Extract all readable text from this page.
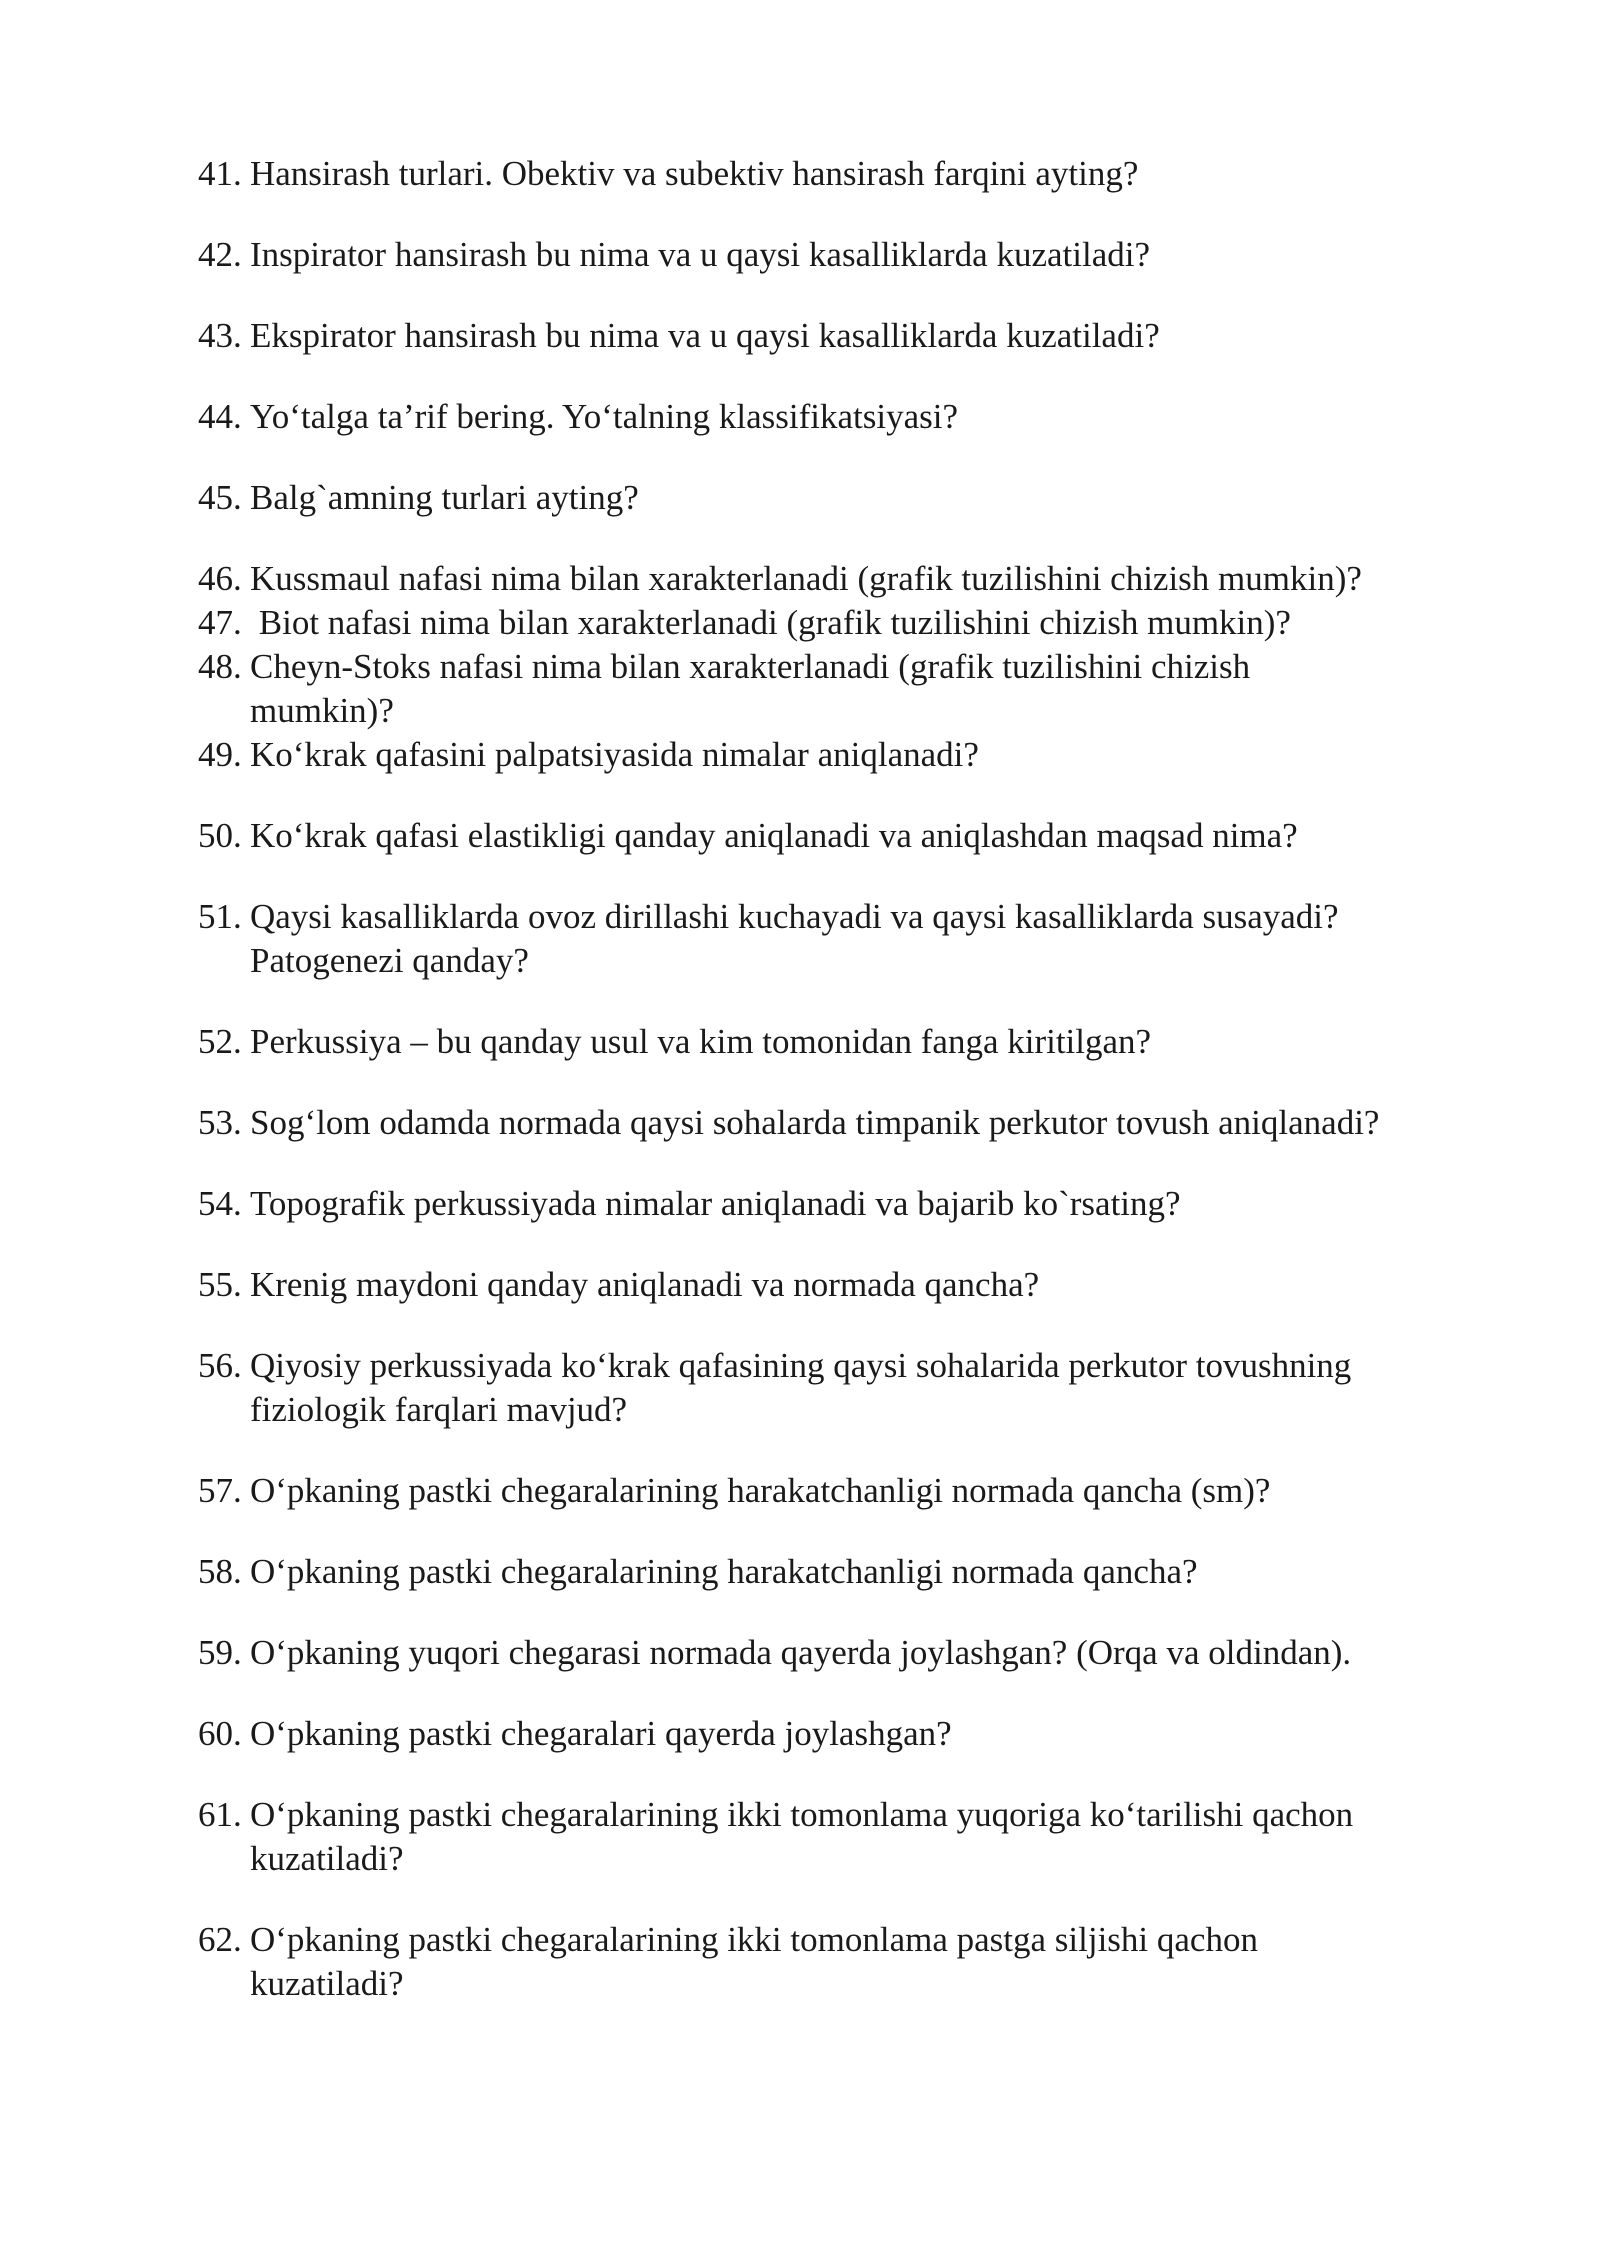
41. Hansirash turlari. Obektiv va subektiv hansirash farqini ayting?
42. Inspirator hansirash bu nima va u qaysi kasalliklarda kuzatiladi?
43. Ekspirator hansirash bu nima va u qaysi kasalliklarda kuzatiladi?
44. Yo‘talga ta’rif bering. Yo‘talning klassifikatsiyasi?
45. Balg`amning turlari ayting?
46. Kussmaul nafasi nima bilan xarakterlanadi (grafik tuzilishini chizish mumkin)?
47. Biot nafasi nima bilan xarakterlanadi (grafik tuzilishini chizish mumkin)?
48. Cheyn-Stoks nafasi nima bilan xarakterlanadi (grafik tuzilishini chizish
mumkin)?
49. Ko‘krak qafasini palpatsiyasida nimalar aniqlanadi?
50. Ko‘krak qafasi elastikligi qanday aniqlanadi va aniqlashdan maqsad nima?
51. Qaysi kasalliklarda ovoz dirillashi kuchayadi va qaysi kasalliklarda susayadi?
Patogenezi qanday?
52. Perkussiya – bu qanday usul va kim tomonidan fanga kiritilgan?
53. Sog‘lom odamda normada qaysi sohalarda timpanik perkutor tovush aniqlanadi?
54. Topografik perkussiyada nimalar aniqlanadi va bajarib ko`rsating?
55. Krenig maydoni qanday aniqlanadi va normada qancha?
56. Qiyosiy perkussiyada ko‘krak qafasining qaysi sohalarida perkutor tovushning
fiziologik farqlari mavjud?
57. O‘pkaning pastki chegaralarining harakatchanligi normada qancha (sm)?
58. O‘pkaning pastki chegaralarining harakatchanligi normada qancha?
59. O‘pkaning yuqori chegarasi normada qayerda joylashgan? (Orqa va oldindan).
60. O‘pkaning pastki chegaralari qayerda joylashgan?
61. O‘pkaning pastki chegaralarining ikki tomonlama yuqoriga ko‘tarilishi qachon
kuzatiladi?
62. O‘pkaning pastki chegaralarining ikki tomonlama pastga siljishi qachon
kuzatiladi?
